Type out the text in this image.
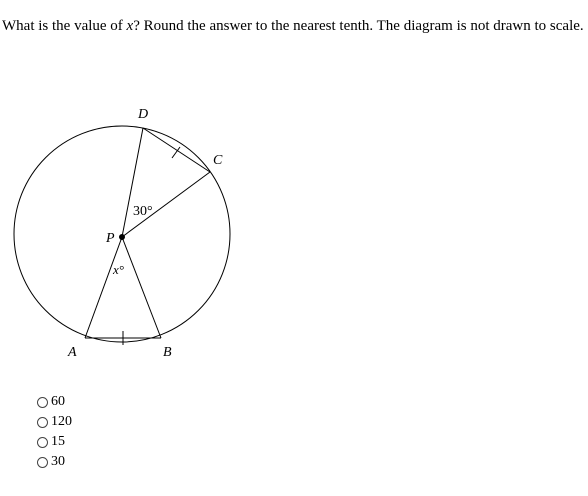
What is the value of x? Round the answer to the nearest tenth. The diagram is not drawn to scale.
D
C
P
A	B
30°
x°
60
120
15
30
